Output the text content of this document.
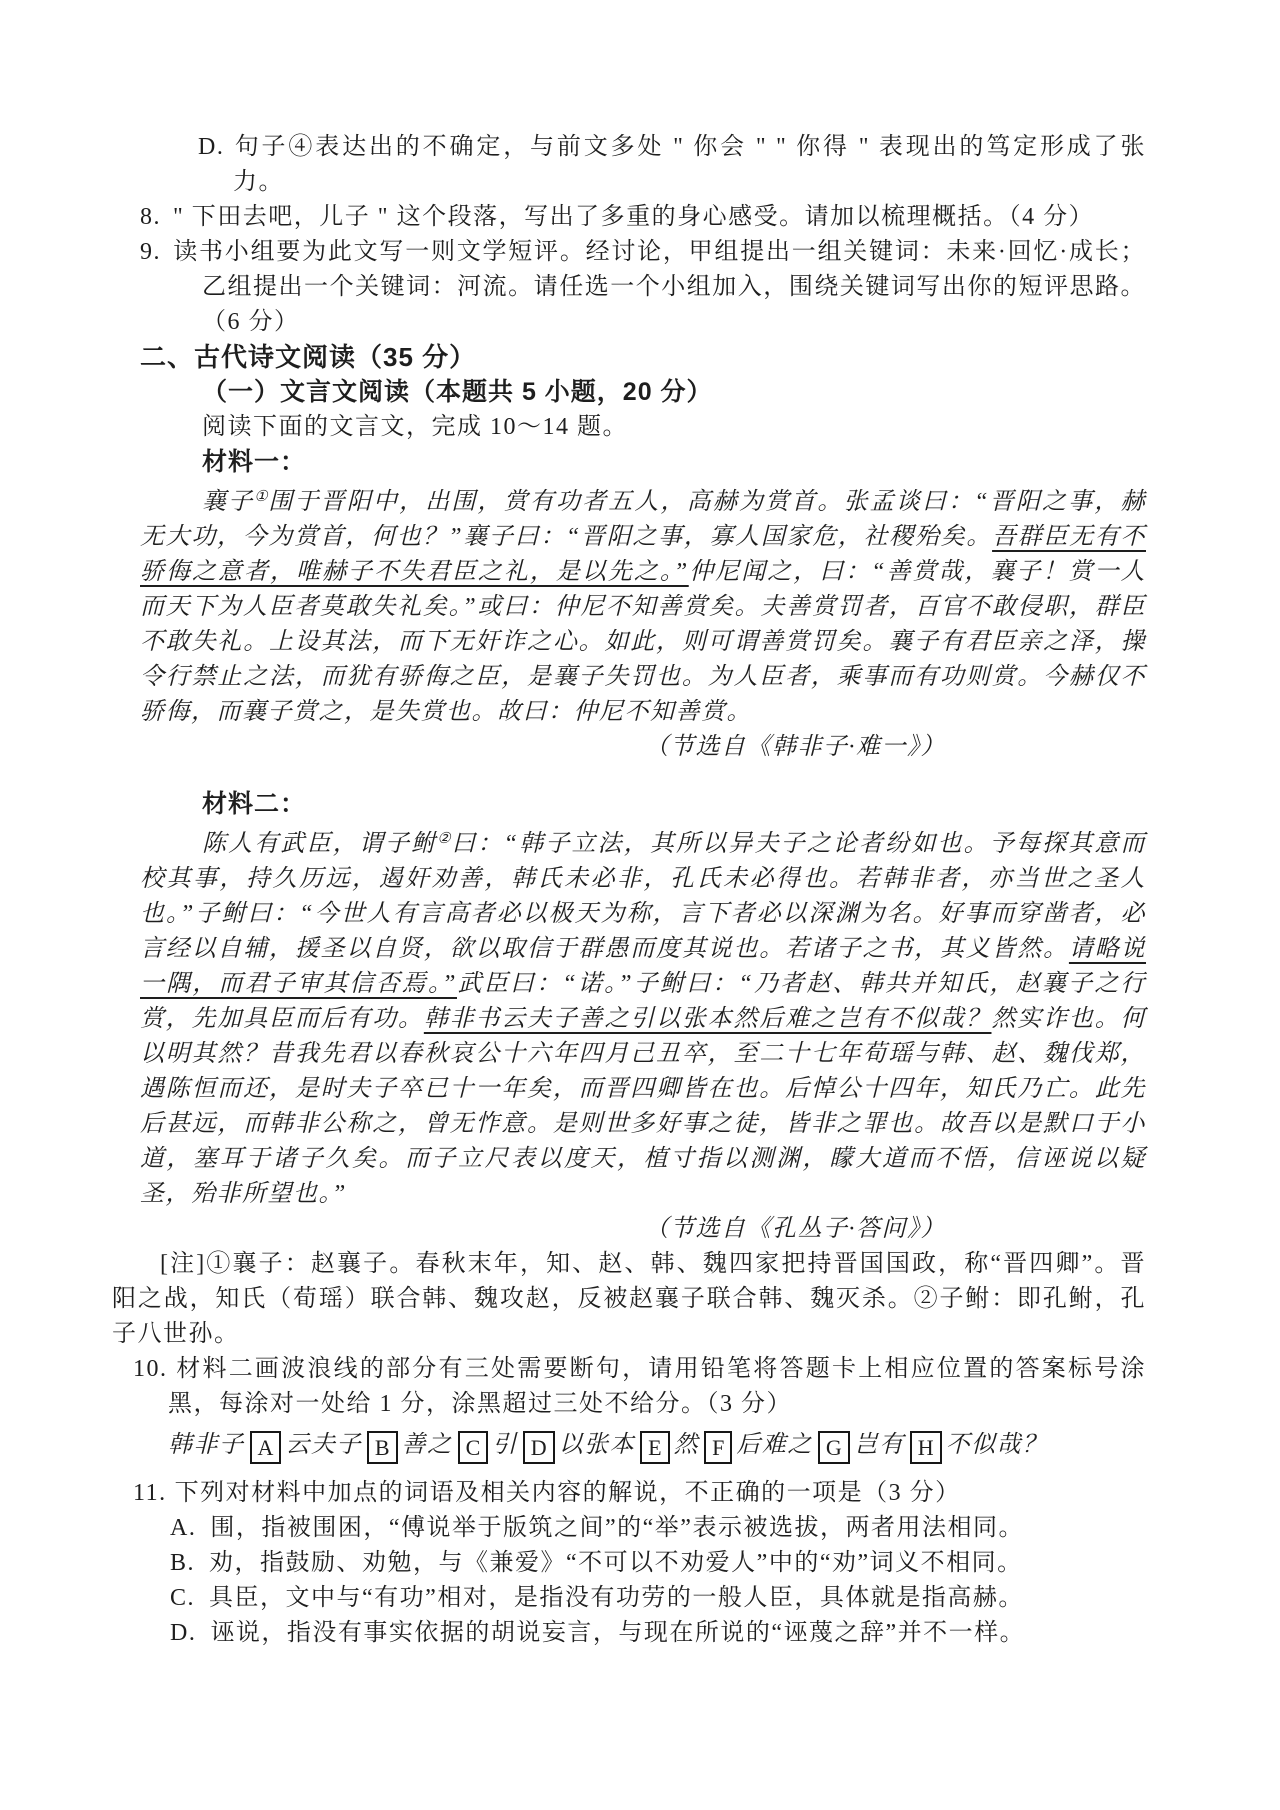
D. 句子④表达出的不确定，与前文多处 " 你会 " " 你得 " 表现出的笃定形成了张力。
8. " 下田去吧，儿子 " 这个段落，写出了多重的身心感受。请加以梳理概括。（4 分）
9. 读书小组要为此文写一则文学短评。经讨论，甲组提出一组关键词：未来·回忆·成长；乙组提出一个关键词：河流。请任选一个小组加入，围绕关键词写出你的短评思路。（6 分）
二、古代诗文阅读（35 分）
（一）文言文阅读（本题共 5 小题，20 分）
阅读下面的文言文，完成 10～14 题。
材料一：
襄子①围于晋阳中，出围，赏有功者五人，高赫为赏首。张孟谈曰：“晋阳之事，赫无大功，今为赏首，何也？”襄子曰：“晋阳之事，寡人国家危，社稷殆矣。吾群臣无有不骄侮之意者，唯赫子不失君臣之礼，是以先之。”仲尼闻之，曰：“善赏哉，襄子！赏一人而天下为人臣者莫敢失礼矣。”或曰：仲尼不知善赏矣。夫善赏罚者，百官不敢侵职，群臣不敢失礼。上设其法，而下无奸诈之心。如此，则可谓善赏罚矣。襄子有君臣亲之泽，操令行禁止之法，而犹有骄侮之臣，是襄子失罚也。为人臣者，乘事而有功则赏。今赫仅不骄侮，而襄子赏之，是失赏也。故曰：仲尼不知善赏。
（节选自《韩非子·难一》）
材料二：
陈人有武臣，谓子鲋②曰：“韩子立法，其所以异夫子之论者纷如也。予每探其意而校其事，持久历远，遏奸劝善，韩氏未必非，孔氏未必得也。若韩非者，亦当世之圣人也。”子鲋曰：“今世人有言高者必以极天为称，言下者必以深渊为名。好事而穿凿者，必言经以自辅，援圣以自贤，欲以取信于群愚而度其说也。若诸子之书，其义皆然。请略说一隅，而君子审其信否焉。”武臣曰：“诺。”子鲋曰：“乃者赵、韩共并知氏，赵襄子之行赏，先加具臣而后有功。韩非书云夫子善之引以张本然后难之岂有不似哉？然实诈也。何以明其然？昔我先君以春秋哀公十六年四月己丑卒，至二十七年荀瑶与韩、赵、魏伐郑，遇陈恒而还，是时夫子卒已十一年矣，而晋四卿皆在也。后悼公十四年，知氏乃亡。此先后甚远，而韩非公称之，曾无怍意。是则世多好事之徒，皆非之罪也。故吾以是默口于小道，塞耳于诸子久矣。而子立尺表以度天，植寸指以测渊，矇大道而不悟，信诬说以疑圣，殆非所望也。”
（节选自《孔丛子·答问》）
[注]①襄子：赵襄子。春秋末年，知、赵、韩、魏四家把持晋国国政，称“晋四卿”。晋阳之战，知氏（荀瑶）联合韩、魏攻赵，反被赵襄子联合韩、魏灭杀。②子鲋：即孔鲋，孔子八世孙。
10. 材料二画波浪线的部分有三处需要断句，请用铅笔将答题卡上相应位置的答案标号涂黑，每涂对一处给 1 分，涂黑超过三处不给分。（3 分）
韩非子 A 云夫子 B 善之 C 引 D 以张本 E 然 F 后难之 G 岂有 H 不似哉？
11. 下列对材料中加点的词语及相关内容的解说，不正确的一项是（3 分）
A. 围，指被围困，“傅说举于版筑之间”的“举”表示被选拔，两者用法相同。
B. 劝，指鼓励、劝勉，与《兼爱》“不可以不劝爱人”中的“劝”词义不相同。
C. 具臣，文中与“有功”相对，是指没有功劳的一般人臣，具体就是指高赫。
D. 诬说，指没有事实依据的胡说妄言，与现在所说的“诬蔑之辞”并不一样。
